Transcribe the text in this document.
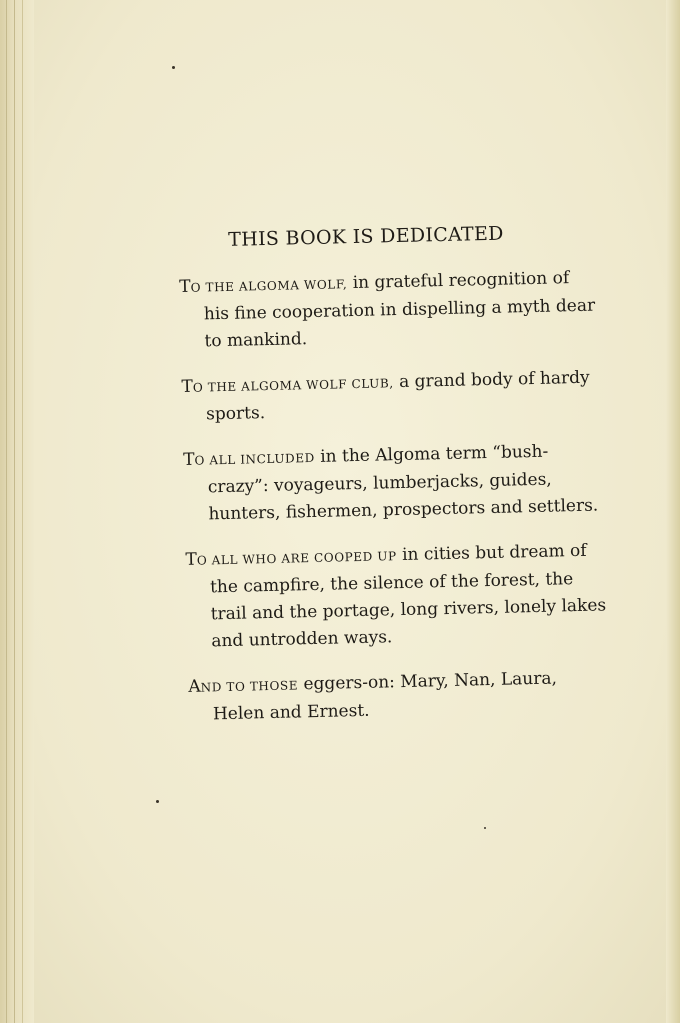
THIS BOOK IS DEDICATED

TO THE ALGOMA WOLF, in grateful recognition of his fine cooperation in dispelling a myth dear to mankind.

TO THE ALGOMA WOLF CLUB, a grand body of hardy sports.

TO ALL INCLUDED in the Algoma term “bush-crazy”: voyageurs, lumberjacks, guides, hunters, fishermen, prospectors and settlers.

TO ALL WHO ARE COOPED UP in cities but dream of the campfire, the silence of the forest, the trail and the portage, long rivers, lonely lakes and untrodden ways.

AND TO THOSE eggers-on: Mary, Nan, Laura, Helen and Ernest.
